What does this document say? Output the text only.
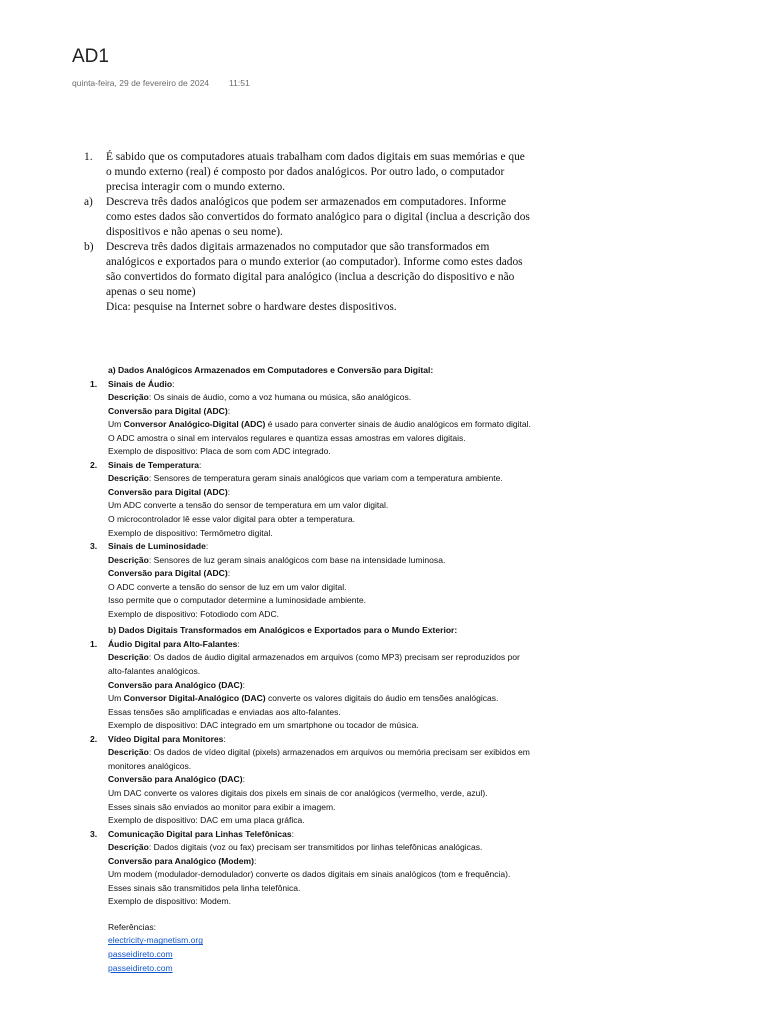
AD1
quinta-feira, 29 de fevereiro de 2024 11:51
1. É sabido que os computadores atuais trabalham com dados digitais em suas memórias e que
o mundo externo (real) é composto por dados analógicos. Por outro lado, o computador
precisa interagir com o mundo externo.
a) Descreva três dados analógicos que podem ser armazenados em computadores. Informe
como estes dados são convertidos do formato analógico para o digital (inclua a descrição dos
dispositivos e não apenas o seu nome).
b) Descreva três dados digitais armazenados no computador que são transformados em
analógicos e exportados para o mundo exterior (ao computador). Informe como estes dados
são convertidos do formato digital para analógico (inclua a descrição do dispositivo e não
apenas o seu nome)
Dica: pesquise na Internet sobre o hardware destes dispositivos.
a) Dados Analógicos Armazenados em Computadores e Conversão para Digital:
1. Sinais de Áudio:
Descrição: Os sinais de áudio, como a voz humana ou música, são analógicos.
Conversão para Digital (ADC):
Um Conversor Analógico-Digital (ADC) é usado para converter sinais de áudio analógicos em formato digital.
O ADC amostra o sinal em intervalos regulares e quantiza essas amostras em valores digitais.
Exemplo de dispositivo: Placa de som com ADC integrado.
2. Sinais de Temperatura:
Descrição: Sensores de temperatura geram sinais analógicos que variam com a temperatura ambiente.
Conversão para Digital (ADC):
Um ADC converte a tensão do sensor de temperatura em um valor digital.
O microcontrolador lê esse valor digital para obter a temperatura.
Exemplo de dispositivo: Termômetro digital.
3. Sinais de Luminosidade:
Descrição: Sensores de luz geram sinais analógicos com base na intensidade luminosa.
Conversão para Digital (ADC):
O ADC converte a tensão do sensor de luz em um valor digital.
Isso permite que o computador determine a luminosidade ambiente.
Exemplo de dispositivo: Fotodiodo com ADC.
b) Dados Digitais Transformados em Analógicos e Exportados para o Mundo Exterior:
1. Áudio Digital para Alto-Falantes:
Descrição: Os dados de áudio digital armazenados em arquivos (como MP3) precisam ser reproduzidos por
alto-falantes analógicos.
Conversão para Analógico (DAC):
Um Conversor Digital-Analógico (DAC) converte os valores digitais do áudio em tensões analógicas.
Essas tensões são amplificadas e enviadas aos alto-falantes.
Exemplo de dispositivo: DAC integrado em um smartphone ou tocador de música.
2. Vídeo Digital para Monitores:
Descrição: Os dados de vídeo digital (pixels) armazenados em arquivos ou memória precisam ser exibidos em
monitores analógicos.
Conversão para Analógico (DAC):
Um DAC converte os valores digitais dos pixels em sinais de cor analógicos (vermelho, verde, azul).
Esses sinais são enviados ao monitor para exibir a imagem.
Exemplo de dispositivo: DAC em uma placa gráfica.
3. Comunicação Digital para Linhas Telefônicas:
Descrição: Dados digitais (voz ou fax) precisam ser transmitidos por linhas telefônicas analógicas.
Conversão para Analógico (Modem):
Um modem (modulador-demodulador) converte os dados digitais em sinais analógicos (tom e frequência).
Esses sinais são transmitidos pela linha telefônica.
Exemplo de dispositivo: Modem.
Referências:
electricity-magnetism.org
passeidireto.com
passeidireto.com
